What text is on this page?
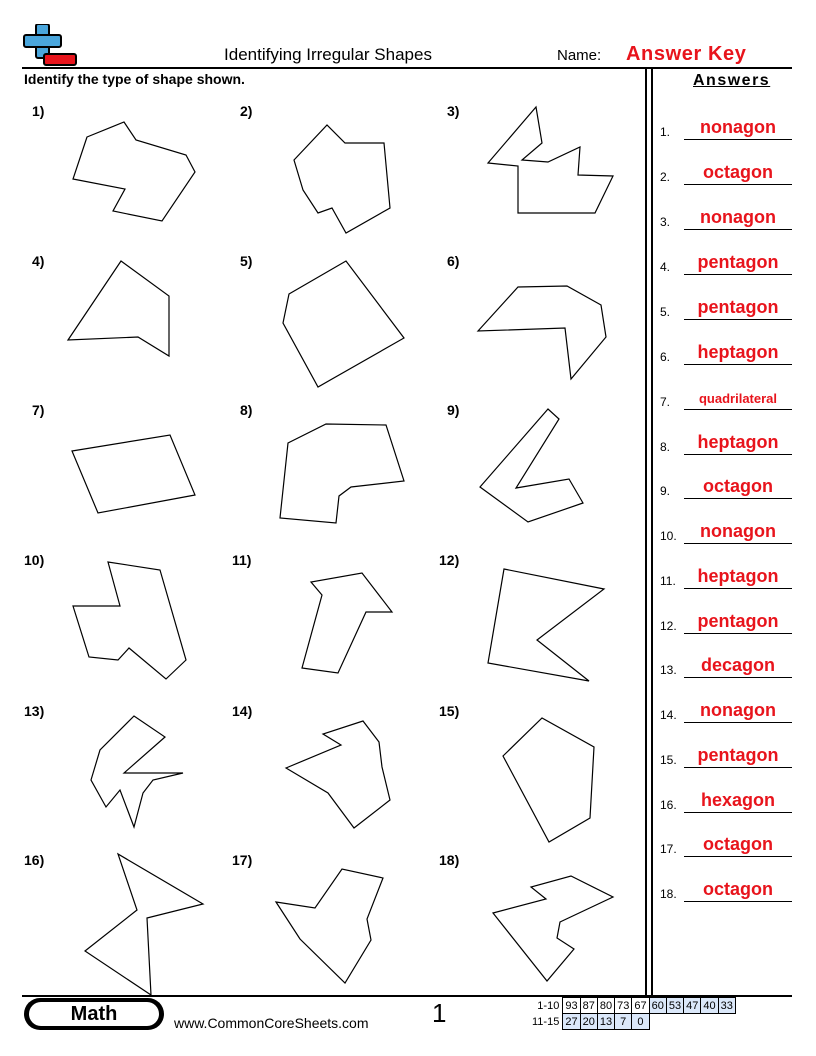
Identifying Irregular Shapes	Name: Answer Key
Identify the type of shape shown.	Answers
1)	2)	3)
4)	5)	6)
7)	8)	9)
10)	11)	12)
13)	14)	15)
16)	17)	18)
1.	nonagon
2.	octagon
3.	nonagon
4.	pentagon
5.	pentagon
6.	heptagon
7.	quadrilateral
8.	heptagon
9.	octagon
10.	nonagon
11.	heptagon
12.	pentagon
13.	decagon
14.	nonagon
15.	pentagon
16.	hexagon
17.	octagon
18.	octagon
Math	www.CommonCoreSheets.com 1	1-10	93	87	80	73	67	60	53	47	40	33
11-15	27	20	13	7	0					
